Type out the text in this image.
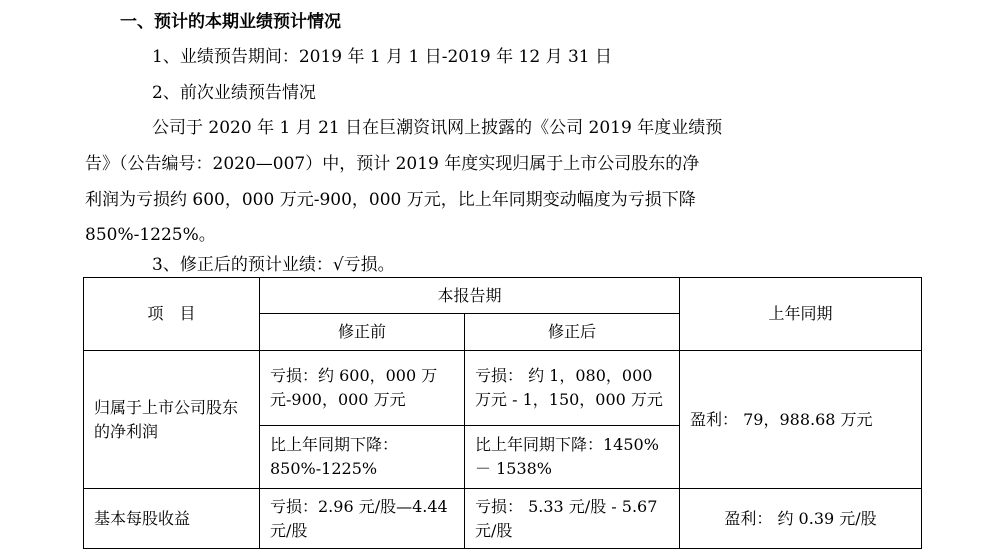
一、预计的本期业绩预计情况
1、业绩预告期间：2019 年 1 月 1 日-2019 年 12 月 31 日
2、前次业绩预告情况
公司于 2020 年 1 月 21 日在巨潮资讯网上披露的《公司 2019 年度业绩预
告》（公告编号：2020—007）中，预计 2019 年度实现归属于上市公司股东的净
利润为亏损约 600，000 万元-900，000 万元，比上年同期变动幅度为亏损下降
850%-1225%。
3、修正后的预计业绩：√亏损。
项　目	本报告期		上年同期
	修正前	修正后	
归属于上市公司股东的净利润	亏损：约 600，000 万元-900，000 万元	亏损： 约 1，080，000 万元 - 1，150，000 万元	盈利： 79，988.68 万元
	比上年同期下降：850%-1225%	比上年同期下降：1450% － 1538%	
基本每股收益	亏损：2.96 元/股—4.44 元/股	亏损： 5.33 元/股 - 5.67 元/股	盈利： 约 0.39 元/股
